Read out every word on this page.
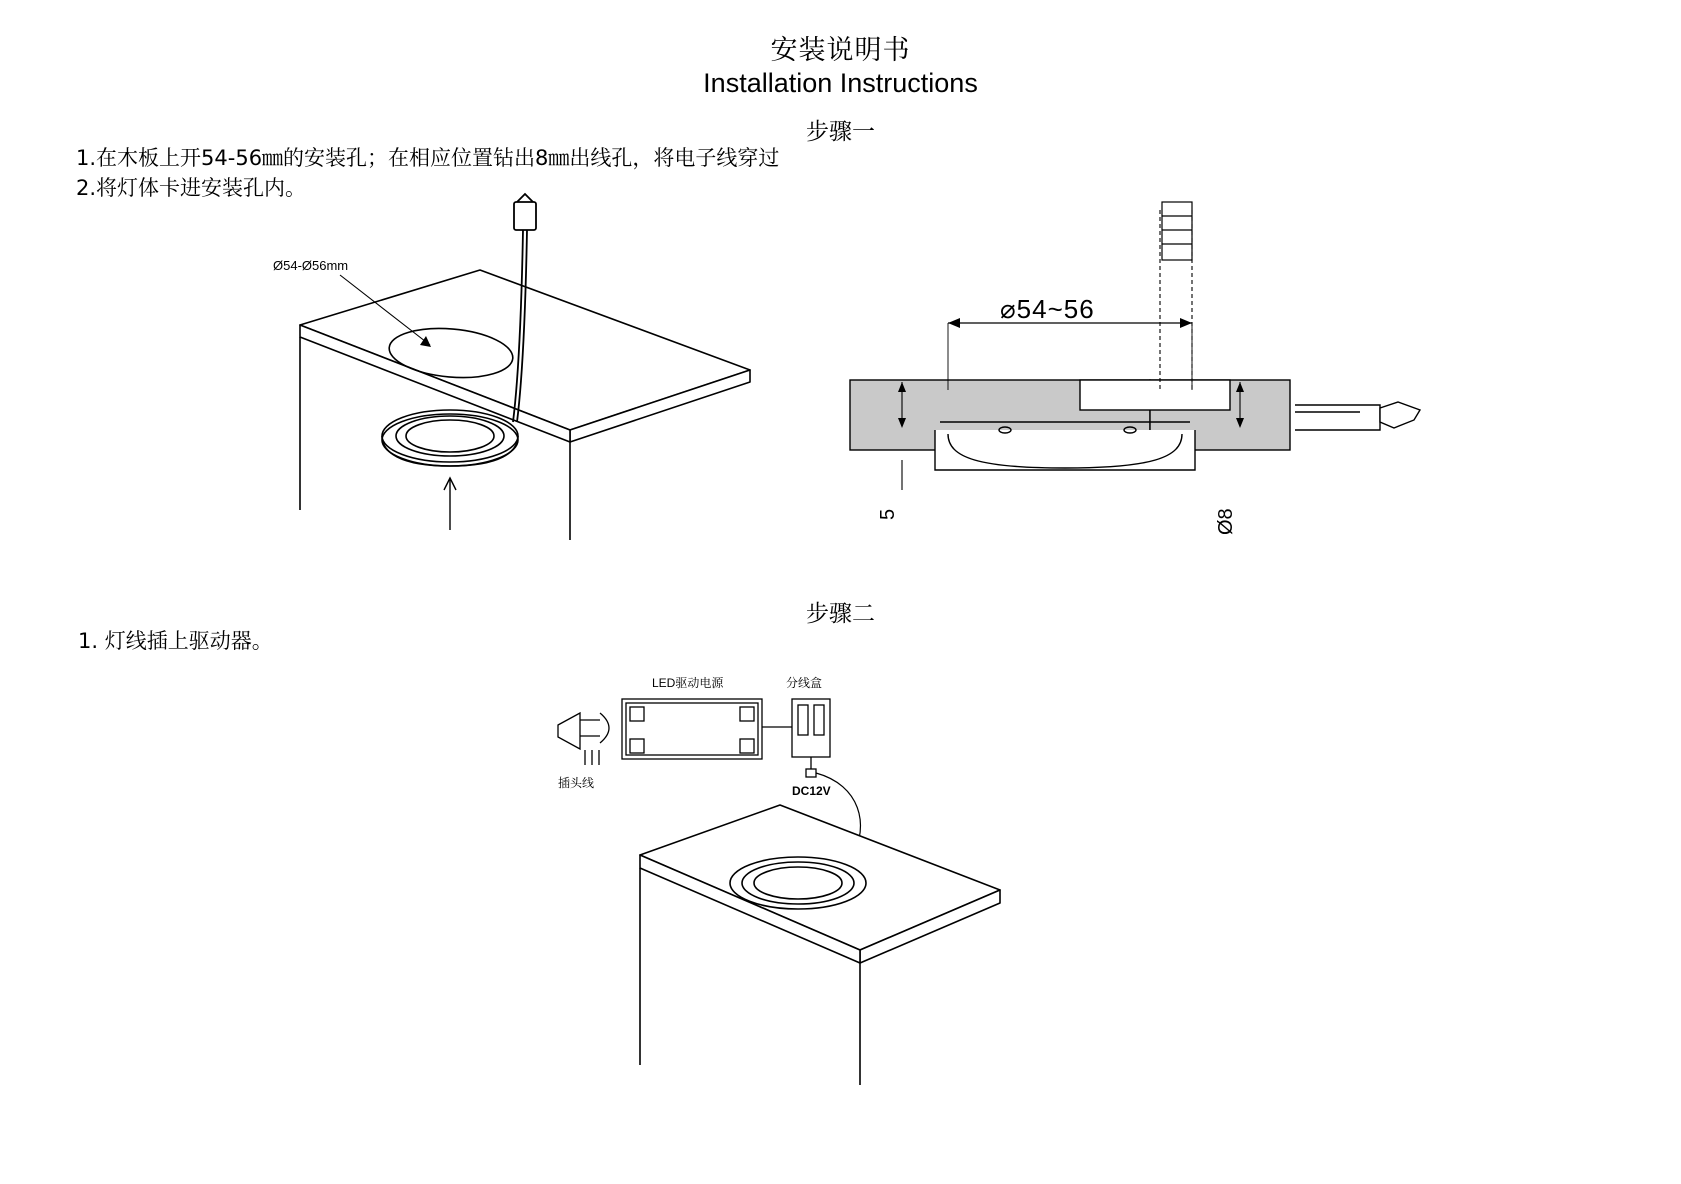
安装说明书
Installation Instructions
步骤一
1.在木板上开54-56㎜的安装孔；在相应位置钻出8㎜出线孔，将电子线穿过
2.将灯体卡进安装孔内。
Ø54-Ø56mm
⌀54~56
5	Ø8
步骤二
1. 灯线插上驱动器。
LED驱动电源	分线盒
插头线
DC12V
